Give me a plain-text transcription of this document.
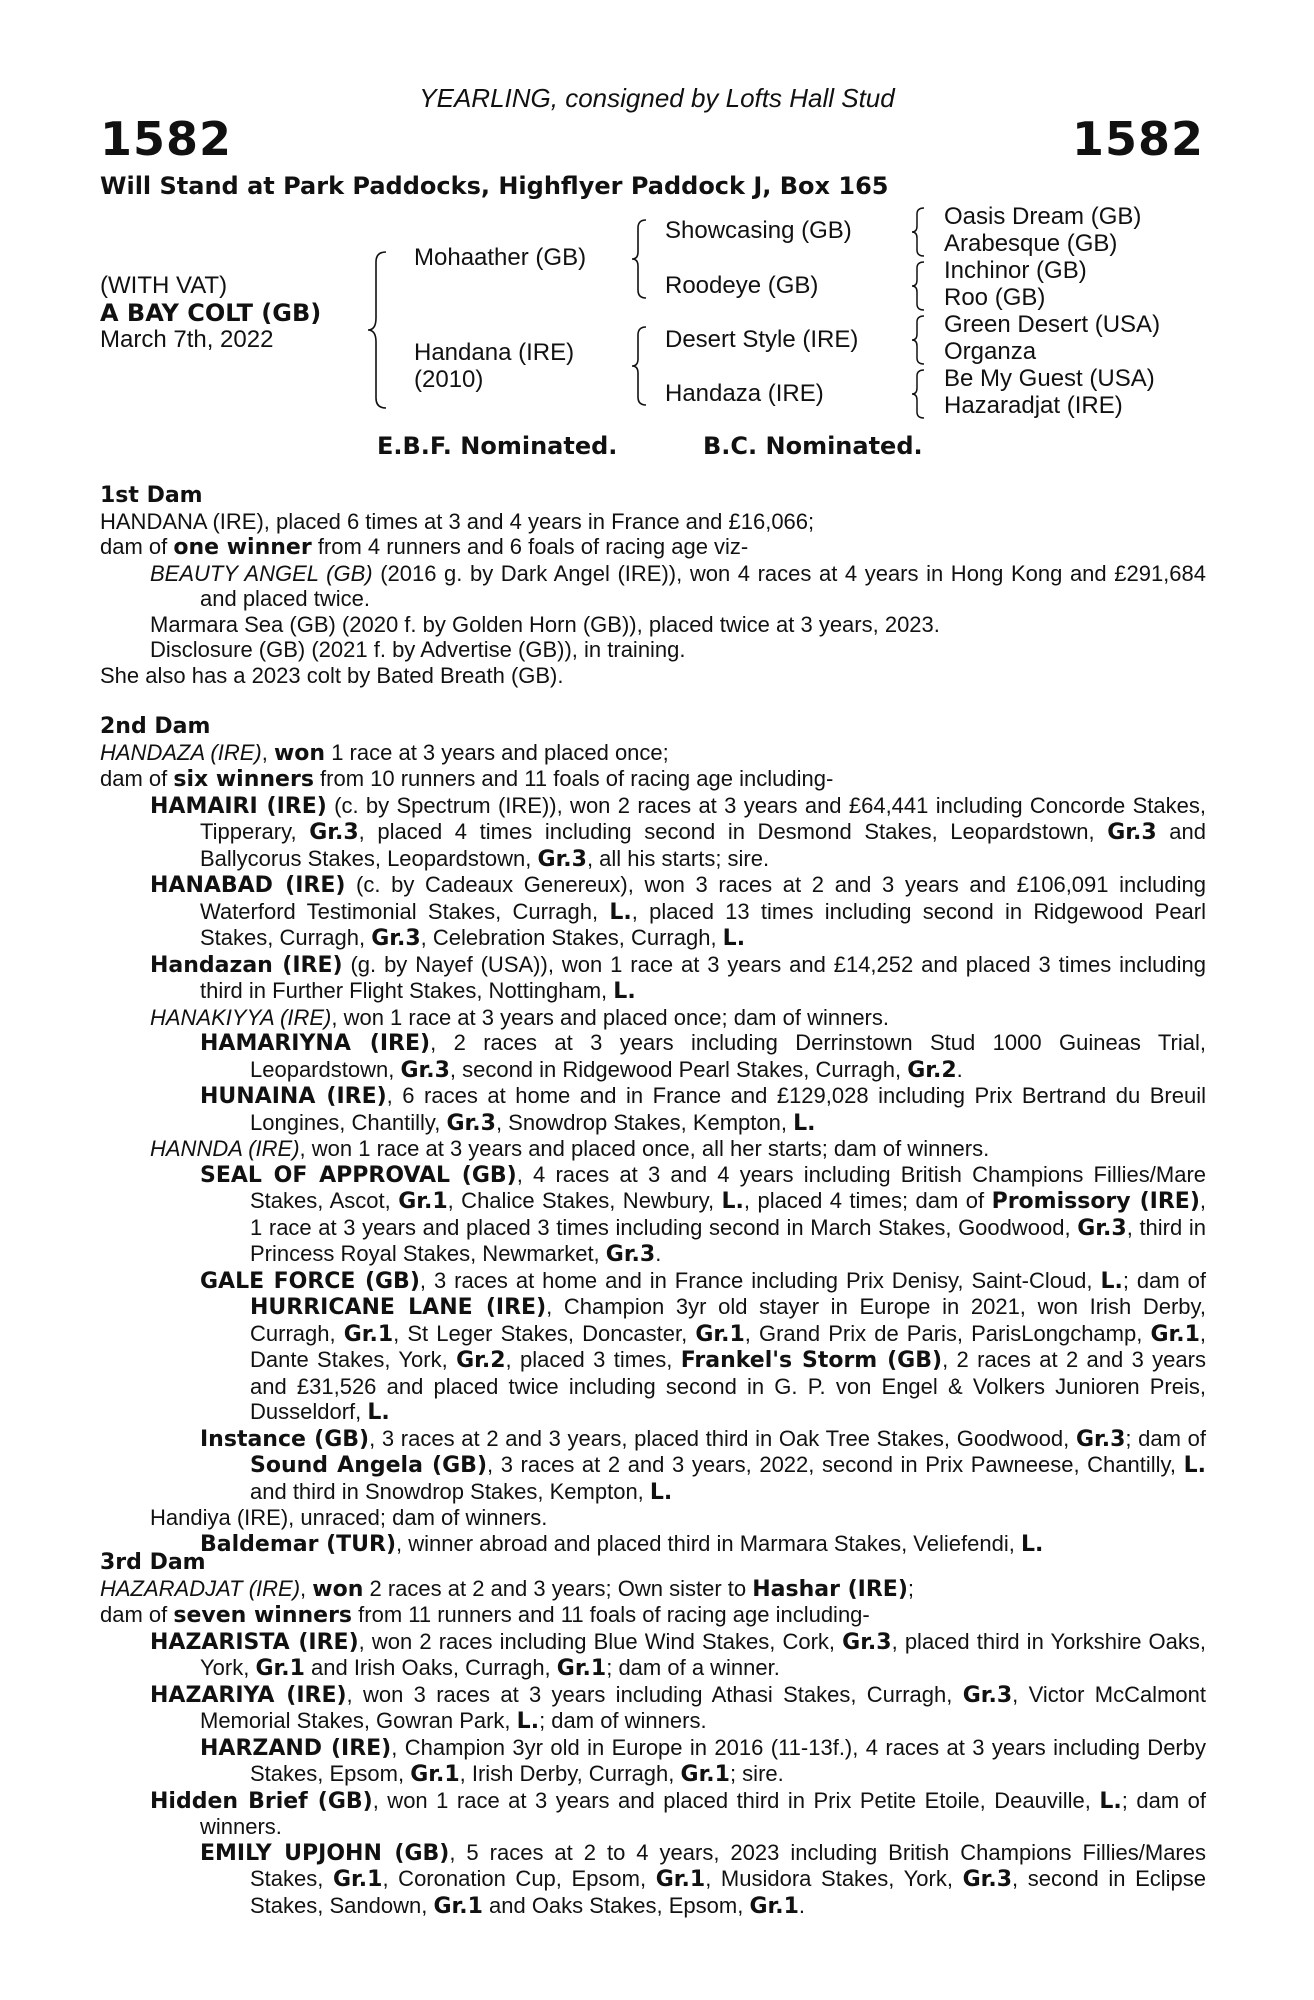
YEARLING, consigned by Lofts Hall Stud
1582	1582
Will Stand at Park Paddocks, Highflyer Paddock J, Box 165
(WITH VAT)
A BAY COLT (GB)
March 7th, 2022
Mohaather (GB)
Handana (IRE)
(2010)
Showcasing (GB)
Roodeye (GB)
Desert Style (IRE)
Handaza (IRE)
Oasis Dream (GB)
Arabesque (GB)
Inchinor (GB)
Roo (GB)
Green Desert (USA)
Organza
Be My Guest (USA)
Hazaradjat (IRE)
E.B.F. Nominated.	B.C. Nominated.
1st Dam

HANDANA (IRE), placed 6 times at 3 and 4 years in France and £16,066;

dam of one winner from 4 runners and 6 foals of racing age viz-

BEAUTY ANGEL (GB) (2016 g. by Dark Angel (IRE)), won 4 races at 4 years in Hong Kong and £291,684 and placed twice.

Marmara Sea (GB) (2020 f. by Golden Horn (GB)), placed twice at 3 years, 2023.

Disclosure (GB) (2021 f. by Advertise (GB)), in training.

She also has a 2023 colt by Bated Breath (GB).

2nd Dam

HANDAZA (IRE), won 1 race at 3 years and placed once;

dam of six winners from 10 runners and 11 foals of racing age including-

HAMAIRI (IRE) (c. by Spectrum (IRE)), won 2 races at 3 years and £64,441 including Concorde Stakes, Tipperary, Gr.3, placed 4 times including second in Desmond Stakes, Leopardstown, Gr.3 and Ballycorus Stakes, Leopardstown, Gr.3, all his starts; sire.

HANABAD (IRE) (c. by Cadeaux Genereux), won 3 races at 2 and 3 years and £106,091 including Waterford Testimonial Stakes, Curragh, L., placed 13 times including second in Ridgewood Pearl Stakes, Curragh, Gr.3, Celebration Stakes, Curragh, L.

Handazan (IRE) (g. by Nayef (USA)), won 1 race at 3 years and £14,252 and placed 3 times including third in Further Flight Stakes, Nottingham, L.

HANAKIYYA (IRE), won 1 race at 3 years and placed once; dam of winners.

HAMARIYNA (IRE), 2 races at 3 years including Derrinstown Stud 1000 Guineas Trial, Leopardstown, Gr.3, second in Ridgewood Pearl Stakes, Curragh, Gr.2.

HUNAINA (IRE), 6 races at home and in France and £129,028 including Prix Bertrand du Breuil Longines, Chantilly, Gr.3, Snowdrop Stakes, Kempton, L.

HANNDA (IRE), won 1 race at 3 years and placed once, all her starts; dam of winners.

SEAL OF APPROVAL (GB), 4 races at 3 and 4 years including British Champions Fillies/Mare Stakes, Ascot, Gr.1, Chalice Stakes, Newbury, L., placed 4 times; dam of Promissory (IRE), 1 race at 3 years and placed 3 times including second in March Stakes, Goodwood, Gr.3, third in Princess Royal Stakes, Newmarket, Gr.3.

GALE FORCE (GB), 3 races at home and in France including Prix Denisy, Saint-Cloud, L.; dam of HURRICANE LANE (IRE), Champion 3yr old stayer in Europe in 2021, won Irish Derby, Curragh, Gr.1, St Leger Stakes, Doncaster, Gr.1, Grand Prix de Paris, ParisLongchamp, Gr.1, Dante Stakes, York, Gr.2, placed 3 times, Frankel's Storm (GB), 2 races at 2 and 3 years and £31,526 and placed twice including second in G. P. von Engel & Volkers Junioren Preis, Dusseldorf, L.

Instance (GB), 3 races at 2 and 3 years, placed third in Oak Tree Stakes, Goodwood, Gr.3; dam of Sound Angela (GB), 3 races at 2 and 3 years, 2022, second in Prix Pawneese, Chantilly, L. and third in Snowdrop Stakes, Kempton, L.

Handiya (IRE), unraced; dam of winners.

Baldemar (TUR), winner abroad and placed third in Marmara Stakes, Veliefendi, L.

3rd Dam

HAZARADJAT (IRE), won 2 races at 2 and 3 years; Own sister to Hashar (IRE);

dam of seven winners from 11 runners and 11 foals of racing age including-

HAZARISTA (IRE), won 2 races including Blue Wind Stakes, Cork, Gr.3, placed third in Yorkshire Oaks, York, Gr.1 and Irish Oaks, Curragh, Gr.1; dam of a winner.

HAZARIYA (IRE), won 3 races at 3 years including Athasi Stakes, Curragh, Gr.3, Victor McCalmont Memorial Stakes, Gowran Park, L.; dam of winners.

HARZAND (IRE), Champion 3yr old in Europe in 2016 (11-13f.), 4 races at 3 years including Derby Stakes, Epsom, Gr.1, Irish Derby, Curragh, Gr.1; sire.

Hidden Brief (GB), won 1 race at 3 years and placed third in Prix Petite Etoile, Deauville, L.; dam of winners.

EMILY UPJOHN (GB), 5 races at 2 to 4 years, 2023 including British Champions Fillies/Mares Stakes, Gr.1, Coronation Cup, Epsom, Gr.1, Musidora Stakes, York, Gr.3, second in Eclipse Stakes, Sandown, Gr.1 and Oaks Stakes, Epsom, Gr.1.
